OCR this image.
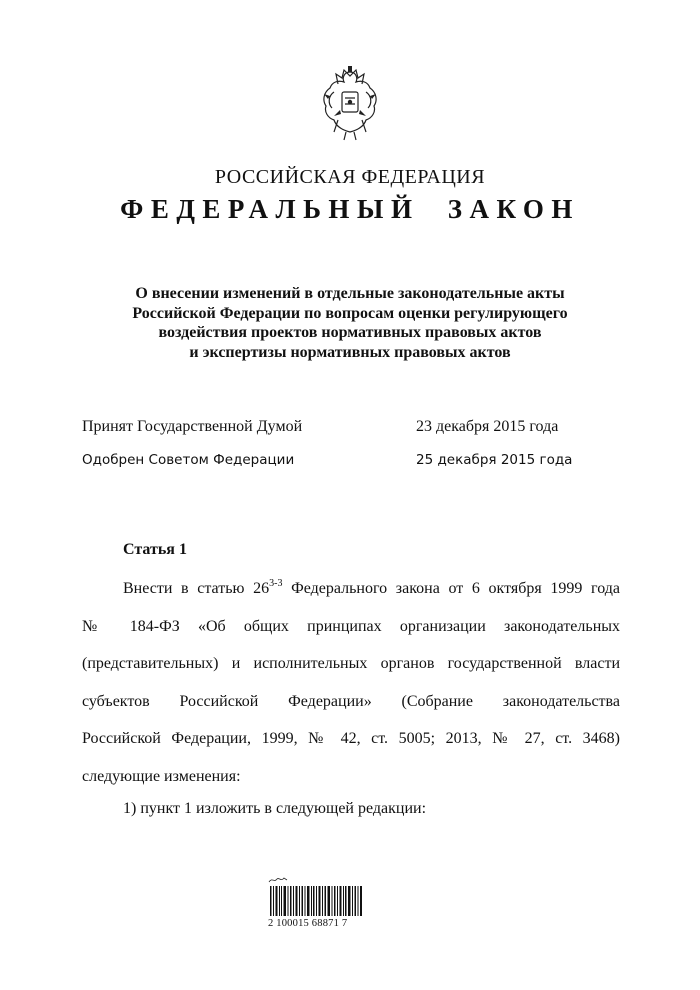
РОССИЙСКАЯ ФЕДЕРАЦИЯ
ФЕДЕРАЛЬНЫЙ ЗАКОН
О внесении изменений в отдельные законодательные акты
Российской Федерации по вопросам оценки регулирующего
воздействия проектов нормативных правовых актов
и экспертизы нормативных правовых актов
Принят Государственной Думой	23 декабря 2015 года
Одобрен Советом Федерации	25 декабря 2015 года
Статья 1
Внести в статью 26$^{3-3}$ Федерального закона от 6 октября 1999 года
№ 184-ФЗ «Об общих принципах организации законодательных
(представительных) и исполнительных органов государственной власти
субъектов Российской Федерации» (Собрание законодательства
Российской Федерации, 1999, № 42, ст. 5005; 2013, № 27, ст. 3468)
следующие изменения:
1) пункт 1 изложить в следующей редакции:
2 100015 68871 7
